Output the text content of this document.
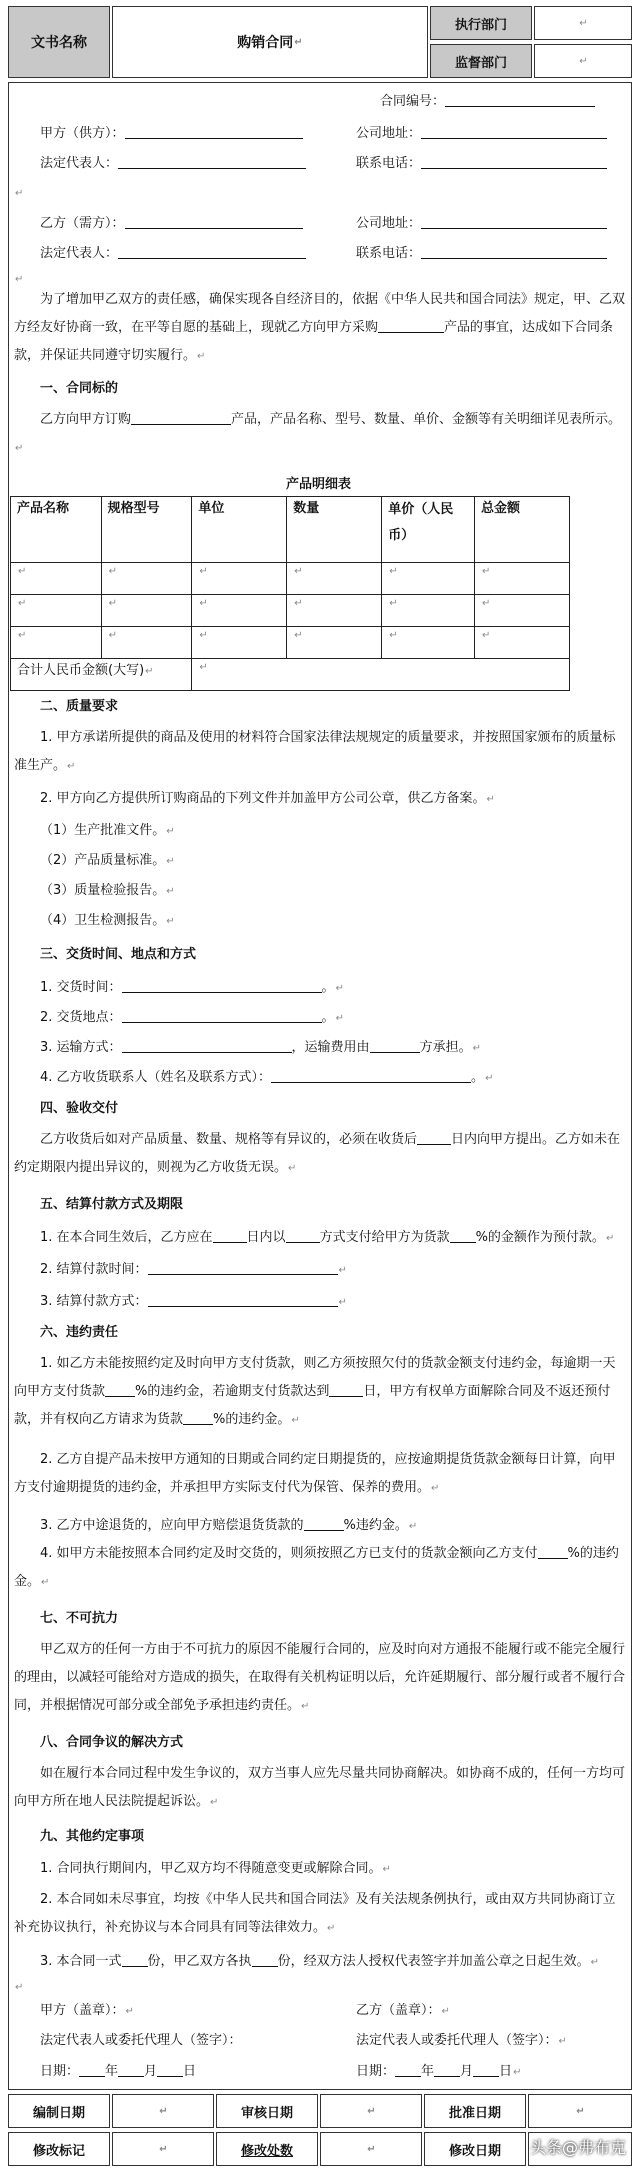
文书名称	购销合同 ↵
执行部门	↵
监督部门	↵
合同编号：
甲方（供方）：	公司地址：
法定代表人：	联系电话：
↵
乙方（需方）：	公司地址：
法定代表人：	联系电话：
↵
为了增加甲乙双方的责任感，确保实现各自经济目的，依据《中华人民共和国合同法》规定，甲、乙双方经友好协商一致，在平等自愿的基础上，现就乙方向甲方采购	产品的事宜，达成如下合同条款，并保证共同遵守切实履行。↵
一、合同标的
乙方向甲方订购	产品，产品名称、型号、数量、单价、金额等有关明细详见表所示。↵
产品明细表
产品名称	规格型号	单位	数量	单价（人民币）	总金额
↵	↵	↵	↵	↵	↵
↵	↵	↵	↵	↵	↵
↵	↵	↵	↵	↵	↵
合计人民币金额(大写)↵		↵			
二、质量要求
1. 甲方承诺所提供的商品及使用的材料符合国家法律法规规定的质量要求，并按照国家颁布的质量标准生产。↵
2. 甲方向乙方提供所订购商品的下列文件并加盖甲方公司公章，供乙方备案。↵
（1）生产批准文件。↵
（2）产品质量标准。↵
（3）质量检验报告。↵
（4）卫生检测报告。↵
三、交货时间、地点和方式
1. 交货时间：	。↵
2. 交货地点：	。↵
3. 运输方式：	，运输费用由	方承担。↵
4. 乙方收货联系人（姓名及联系方式）：	。↵
四、验收交付
乙方收货后如对产品质量、数量、规格等有异议的，必须在收货后	日内向甲方提出。乙方如未在约定期限内提出异议的，则视为乙方收货无误。↵
五、结算付款方式及期限
1. 在本合同生效后，乙方应在	日内以	方式支付给甲方为货款 %的金额作为预付款。↵
2. 结算付款时间：	↵
3. 结算付款方式：	↵
六、违约责任
1. 如乙方未能按照约定及时向甲方支付货款，则乙方须按照欠付的货款金额支付违约金，每逾期一天向甲方支付货款 %的违约金，若逾期支付货款达到	日，甲方有权单方面解除合同及不返还预付款，并有权向乙方请求为货款 %的违约金。↵
2. 乙方自提产品未按甲方通知的日期或合同约定日期提货的，应按逾期提货货款金额每日计算，向甲方支付逾期提货的违约金，并承担甲方实际支付代为保管、保养的费用。↵
3. 乙方中途退货的，应向甲方赔偿退货货款的	%违约金。↵
4. 如甲方未能按照本合同约定及时交货的，则须按照乙方已支付的货款金额向乙方支付 %的违约金。↵
七、不可抗力
甲乙双方的任何一方由于不可抗力的原因不能履行合同的，应及时向对方通报不能履行或不能完全履行的理由，以减轻可能给对方造成的损失，在取得有关机构证明以后，允许延期履行、部分履行或者不履行合同，并根据情况可部分或全部免予承担违约责任。↵
八、合同争议的解决方式
如在履行本合同过程中发生争议的，双方当事人应先尽量共同协商解决。如协商不成的，任何一方均可向甲方所在地人民法院提起诉讼。↵
九、其他约定事项
1. 合同执行期间内，甲乙双方均不得随意变更或解除合同。↵
2. 本合同如未尽事宜，均按《中华人民共和国合同法》及有关法规条例执行，或由双方共同协商订立补充协议执行，补充协议与本合同具有同等法律效力。↵
3. 本合同一式 份，甲乙双方各执 份，经双方法人授权代表签字并加盖公章之日起生效。↵
↵
甲方（盖章）：↵	乙方（盖章）：↵
法定代表人或委托代理人（签字）：	法定代表人或委托代理人（签字）：↵
日期： 年 月 日	日期： 年 月 日↵
编制日期	↵	审核日期	↵	批准日期	↵
修改标记	↵	修改处数	↵	修改日期	头条@弗布克
